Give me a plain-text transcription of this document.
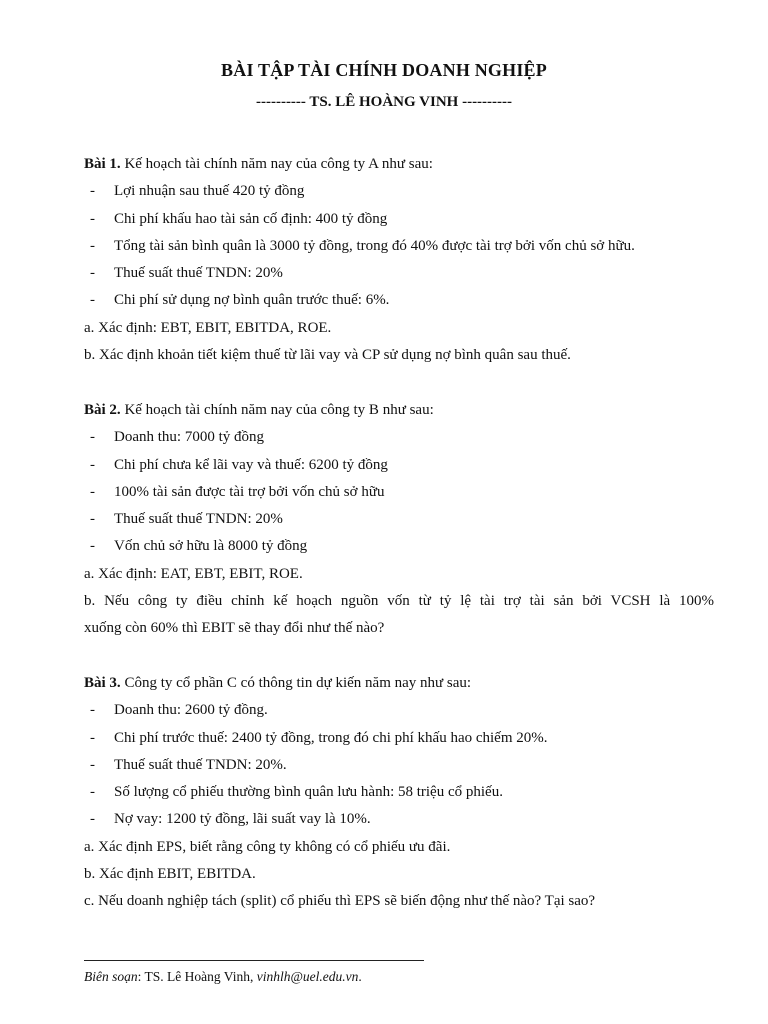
BÀI TẬP TÀI CHÍNH DOANH NGHIỆP
---------- TS. LÊ HOÀNG VINH ----------
Bài 1. Kế hoạch tài chính năm nay của công ty A như sau:
- Lợi nhuận sau thuế 420 tỷ đồng
- Chi phí khấu hao tài sản cố định: 400 tỷ đồng
- Tổng tài sản bình quân là 3000 tỷ đồng, trong đó 40% được tài trợ bởi vốn chủ sở hữu.
- Thuế suất thuế TNDN: 20%
- Chi phí sử dụng nợ bình quân trước thuế: 6%.
a. Xác định: EBT, EBIT, EBITDA, ROE.
b. Xác định khoản tiết kiệm thuế từ lãi vay và CP sử dụng nợ bình quân sau thuế.
Bài 2. Kế hoạch tài chính năm nay của công ty B như sau:
- Doanh thu: 7000 tỷ đồng
- Chi phí chưa kể lãi vay và thuế: 6200 tỷ đồng
- 100% tài sản được tài trợ bởi vốn chủ sở hữu
- Thuế suất thuế TNDN: 20%
- Vốn chủ sở hữu là 8000 tỷ đồng
a. Xác định: EAT, EBT, EBIT, ROE.
b. Nếu công ty điều chỉnh kế hoạch nguồn vốn từ tỷ lệ tài trợ tài sản bởi VCSH là 100%
xuống còn 60% thì EBIT sẽ thay đổi như thế nào?
Bài 3. Công ty cổ phần C có thông tin dự kiến năm nay như sau:
- Doanh thu: 2600 tỷ đồng.
- Chi phí trước thuế: 2400 tỷ đồng, trong đó chi phí khấu hao chiếm 20%.
- Thuế suất thuế TNDN: 20%.
- Số lượng cổ phiếu thường bình quân lưu hành: 58 triệu cổ phiếu.
- Nợ vay: 1200 tỷ đồng, lãi suất vay là 10%.
a. Xác định EPS, biết rằng công ty không có cổ phiếu ưu đãi.
b. Xác định EBIT, EBITDA.
c. Nếu doanh nghiệp tách (split) cổ phiếu thì EPS sẽ biến động như thế nào? Tại sao?
Biên soạn: TS. Lê Hoàng Vinh, vinhlh@uel.edu.vn.
